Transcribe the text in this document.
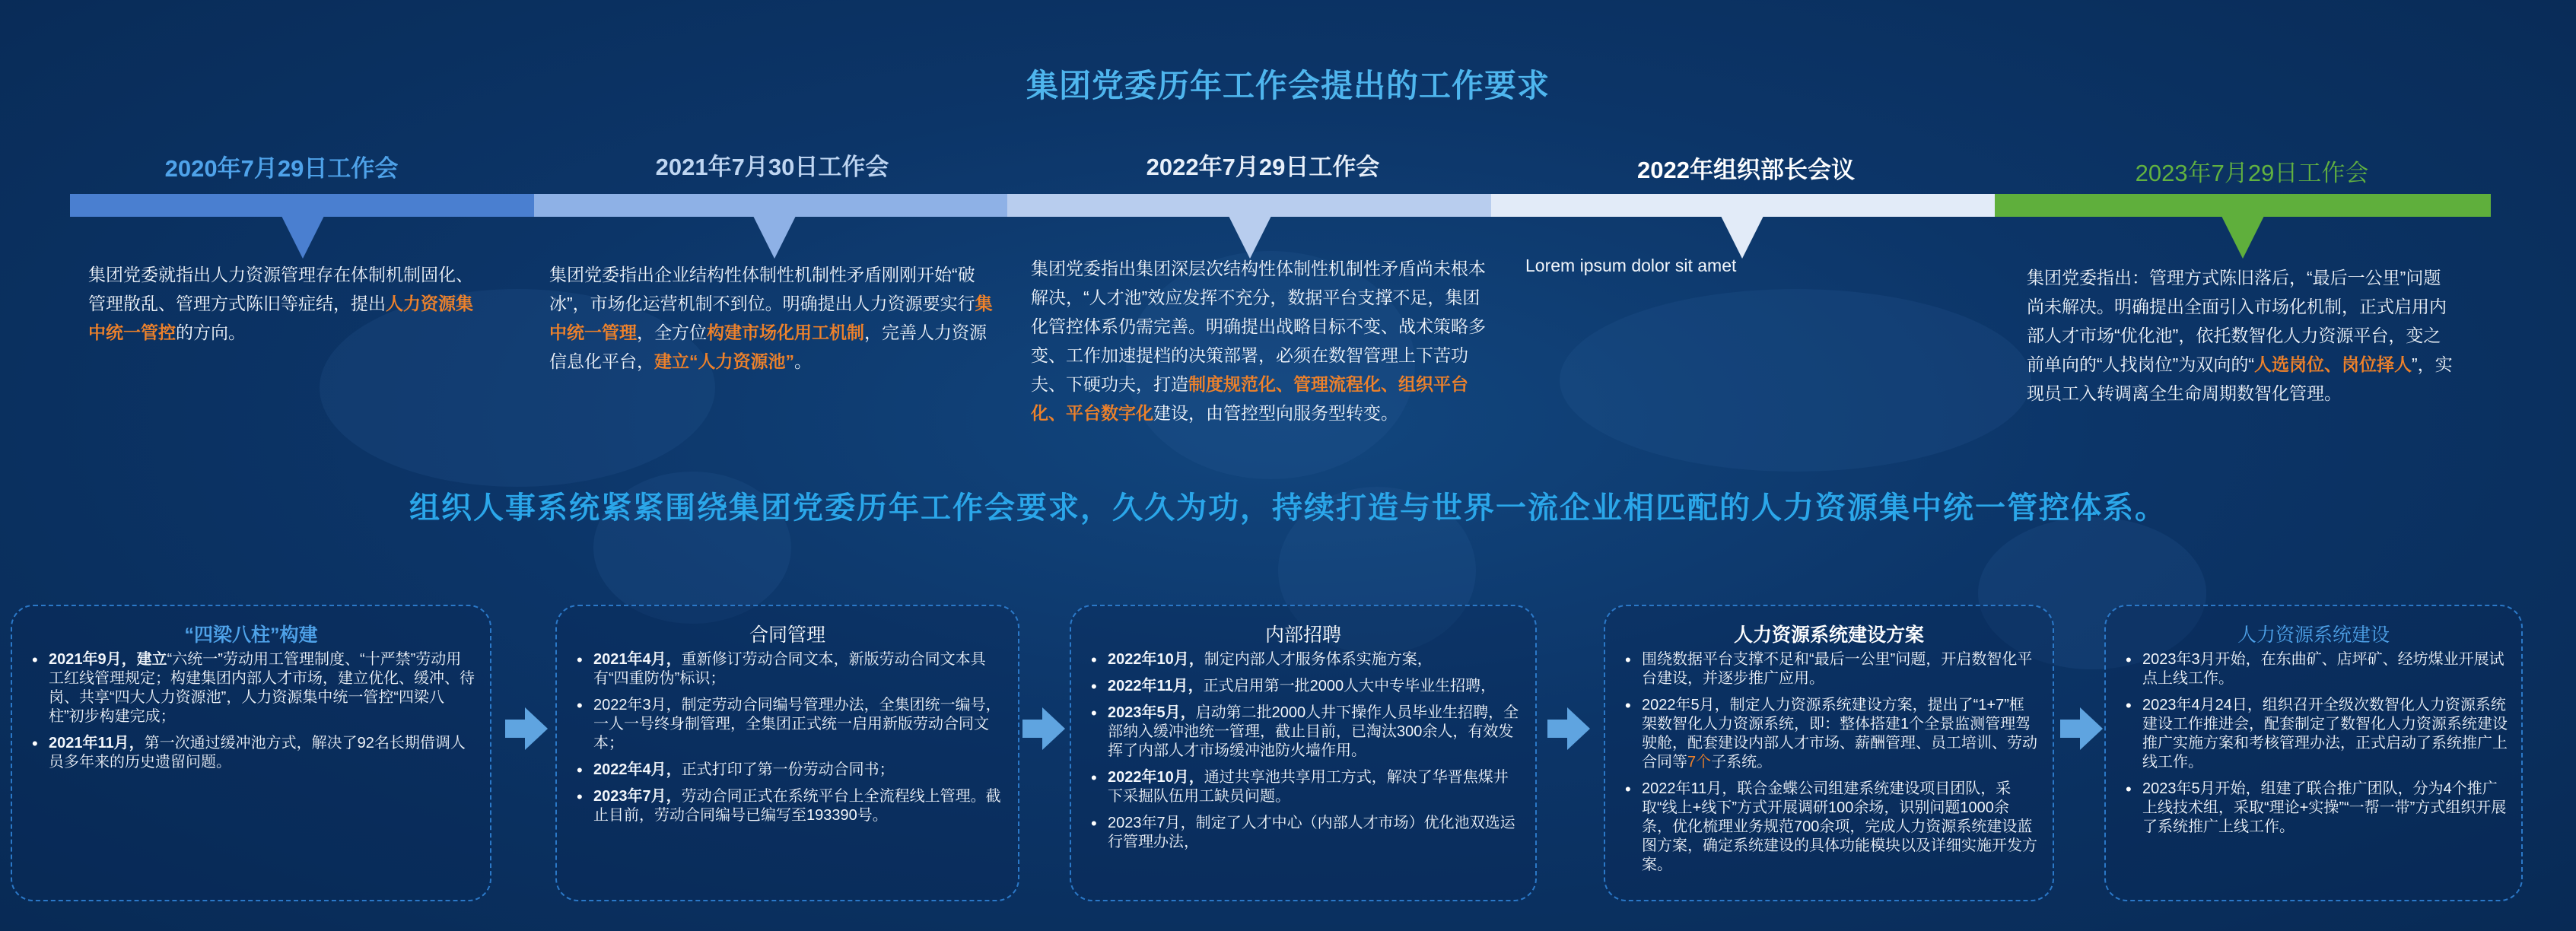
集团党委历年工作会提出的工作要求
2020年7月29日工作会	2021年7月30日工作会	2022年7月29日工作会	2022年组织部长会议	2023年7月29日工作会
集团党委就指出人力资源管理存在体制机制固化、管理散乱、管理方式陈旧等症结，提出人力资源集中统一管控的方向。
集团党委指出企业结构性体制性机制性矛盾刚刚开始“破冰”，市场化运营机制不到位。明确提出人力资源要实行集中统一管理，全方位构建市场化用工机制，完善人力资源信息化平台，建立“人力资源池”。
集团党委指出集团深层次结构性体制性机制性矛盾尚未根本解决，“人才池”效应发挥不充分，数据平台支撑不足，集团化管控体系仍需完善。明确提出战略目标不变、战术策略多变、工作加速提档的决策部署，必须在数智管理上下苦功夫、下硬功夫，打造制度规范化、管理流程化、组织平台化、平台数字化建设，由管控型向服务型转变。
Lorem ipsum dolor sit amet
集团党委指出：管理方式陈旧落后，“最后一公里”问题尚未解决。明确提出全面引入市场化机制，正式启用内部人才市场“优化池”，依托数智化人力资源平台，变之前单向的“人找岗位”为双向的“人选岗位、岗位择人”，实现员工入转调离全生命周期数智化管理。
组织人事系统紧紧围绕集团党委历年工作会要求，久久为功，持续打造与世界一流企业相匹配的人力资源集中统一管控体系。
“四梁八柱”构建
• 2021年9月，建立“六统一”劳动用工管理制度、“十严禁”劳动用工红线管理规定；构建集团内部人才市场，建立优化、缓冲、待岗、共享“四大人力资源池”，人力资源集中统一管控“四梁八柱”初步构建完成；
• 2021年11月，第一次通过缓冲池方式，解决了92名长期借调人员多年来的历史遗留问题。
合同管理
• 2021年4月，重新修订劳动合同文本，新版劳动合同文本具有“四重防伪”标识；
• 2022年3月，制定劳动合同编号管理办法，全集团统一编号，一人一号终身制管理，全集团正式统一启用新版劳动合同文本；
• 2022年4月，正式打印了第一份劳动合同书；
• 2023年7月，劳动合同正式在系统平台上全流程线上管理。截止目前，劳动合同编号已编写至193390号。
内部招聘
• 2022年10月，制定内部人才服务体系实施方案，
• 2022年11月，正式启用第一批2000人大中专毕业生招聘，
• 2023年5月，启动第二批2000人井下操作人员毕业生招聘，全部纳入缓冲池统一管理，截止目前，已淘汰300余人，有效发挥了内部人才市场缓冲池防火墙作用。
• 2022年10月，通过共享池共享用工方式，解决了华晋焦煤井下采掘队伍用工缺员问题。
• 2023年7月，制定了人才中心（内部人才市场）优化池双选运行管理办法，
人力资源系统建设方案
• 围绕数据平台支撑不足和“最后一公里”问题，开启数智化平台建设，并逐步推广应用。
• 2022年5月，制定人力资源系统建设方案，提出了“1+7”框架数智化人力资源系统，即：整体搭建1个全景监测管理驾驶舱，配套建设内部人才市场、薪酬管理、员工培训、劳动合同等7个子系统。
• 2022年11月，联合金蝶公司组建系统建设项目团队，采取“线上+线下”方式开展调研100余场，识别问题1000余条，优化梳理业务规范700余项，完成人力资源系统建设蓝图方案，确定系统建设的具体功能模块以及详细实施开发方案。
人力资源系统建设
• 2023年3月开始，在东曲矿、店坪矿、经坊煤业开展试点上线工作。
• 2023年4月24日，组织召开全级次数智化人力资源系统建设工作推进会，配套制定了数智化人力资源系统建设推广实施方案和考核管理办法，正式启动了系统推广上线工作。
• 2023年5月开始，组建了联合推广团队，分为4个推广上线技术组，采取“理论+实操”“一帮一带”方式组织开展了系统推广上线工作。
